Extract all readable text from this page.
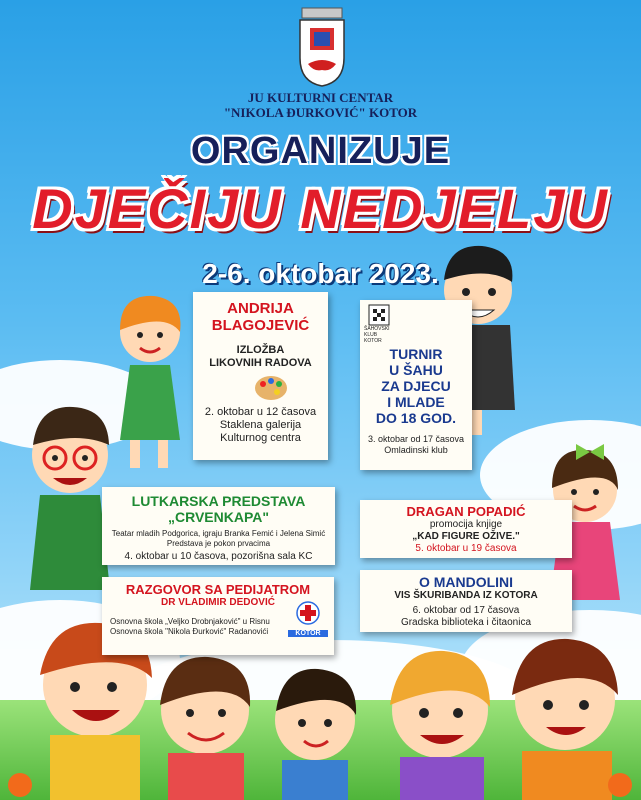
JU KULTURNI CENTAR
"NIKOLA ĐURKOVIĆ" KOTOR
ORGANIZUJE
DJEČIJU NEDJELJU
2-6. oktobar 2023.
ANDRIJA
BLAGOJEVIĆ
IZLOŽBA
LIKOVNIH RADOVA
2. oktobar u 12 časova
Staklena galerija
Kulturnog centra
ŠAHOVSKI KLUB KOTOR
TURNIR
U ŠAHU
ZA DJECU
I MLADE
DO 18 GOD.
3. oktobar od 17 časova
Omladinski klub
LUTKARSKA PREDSTAVA
„CRVENKAPA"
Teatar mladih Podgorica, igraju Branka Femić i Jelena Simić
Predstava je pokon prvacima
4. oktobar u 10 časova, pozorišna sala KC
DRAGAN POPADIĆ
promocija knjige
„KAD FIGURE OŽIVE."
5. oktobar u 19 časova
RAZGOVOR SA PEDIJATROM
DR VLADIMIR DEDOVIĆ
Osnovna škola „Veljko Drobnjaković" u Risnu
Osnovna škola "Nikola Đurković" Radanovići	KOTOR
O MANDOLINI
VIS ŠKURIBANDA IZ KOTORA
6. oktobar od 17 časova
Gradska biblioteka i čitaonica
